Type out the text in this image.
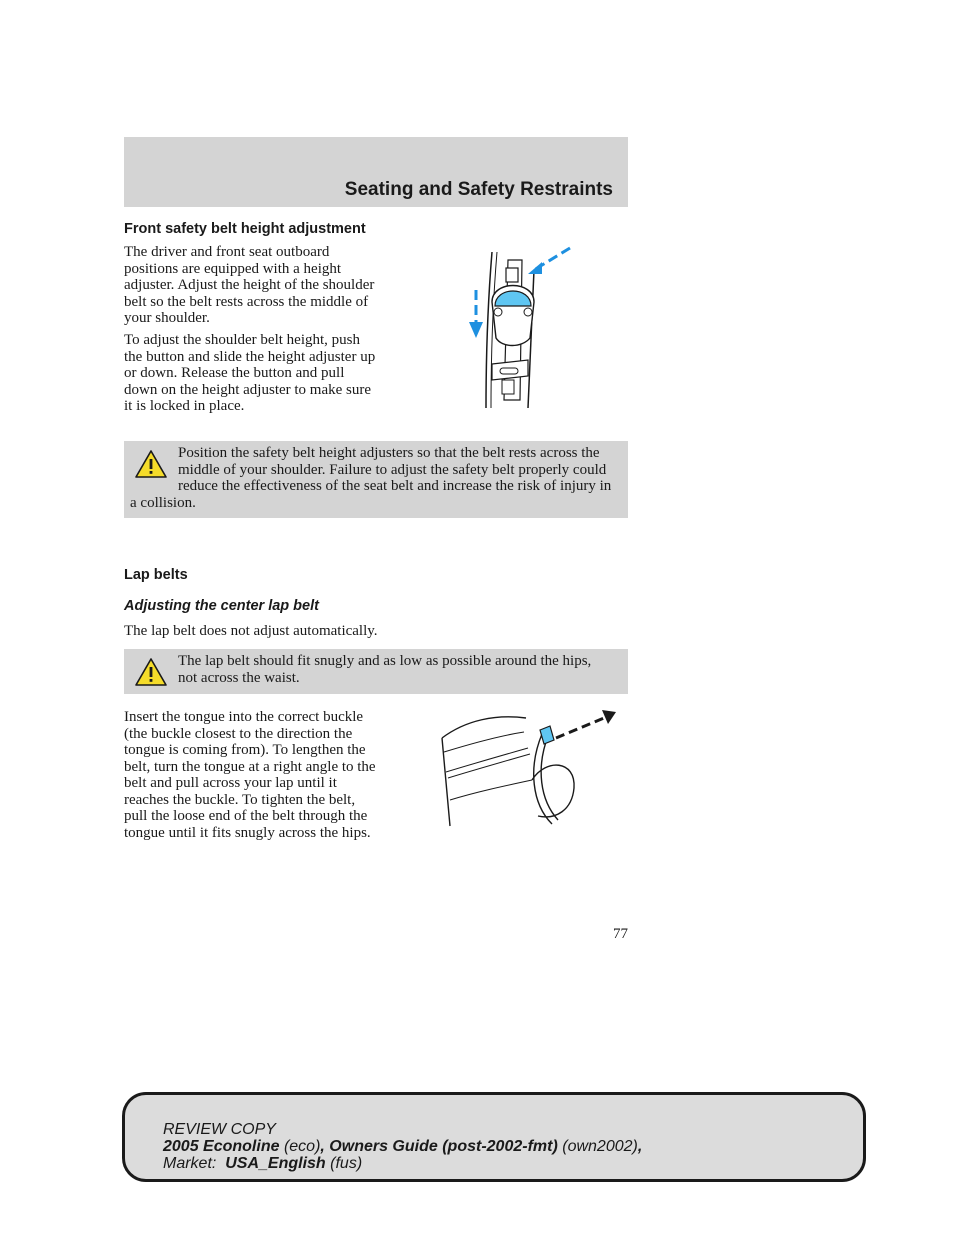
Seating and Safety Restraints
Front safety belt height adjustment

The driver and front seat outboard positions are equipped with a height adjuster. Adjust the height of the shoulder belt so the belt rests across the middle of your shoulder.

To adjust the shoulder belt height, push the button and slide the height adjuster up or down. Release the button and pull down on the height adjuster to make sure it is locked in place.

Position the safety belt height adjusters so that the belt rests across the middle of your shoulder. Failure to adjust the safety belt properly could reduce the effectiveness of the seat belt and increase the risk of injury in a collision.
Lap belts
Adjusting the center lap belt

The lap belt does not adjust automatically.

The lap belt should fit snugly and as low as possible around the hips, not across the waist.
Insert the tongue into the correct buckle (the buckle closest to the direction the tongue is coming from). To lengthen the belt, turn the tongue at a right angle to the belt and pull across your lap until it reaches the buckle. To tighten the belt, pull the loose end of the belt through the tongue until it fits snugly across the hips.
77
REVIEW COPY
2005 Econoline (eco), Owners Guide (post-2002-fmt) (own2002),
Market: USA_English (fus)
